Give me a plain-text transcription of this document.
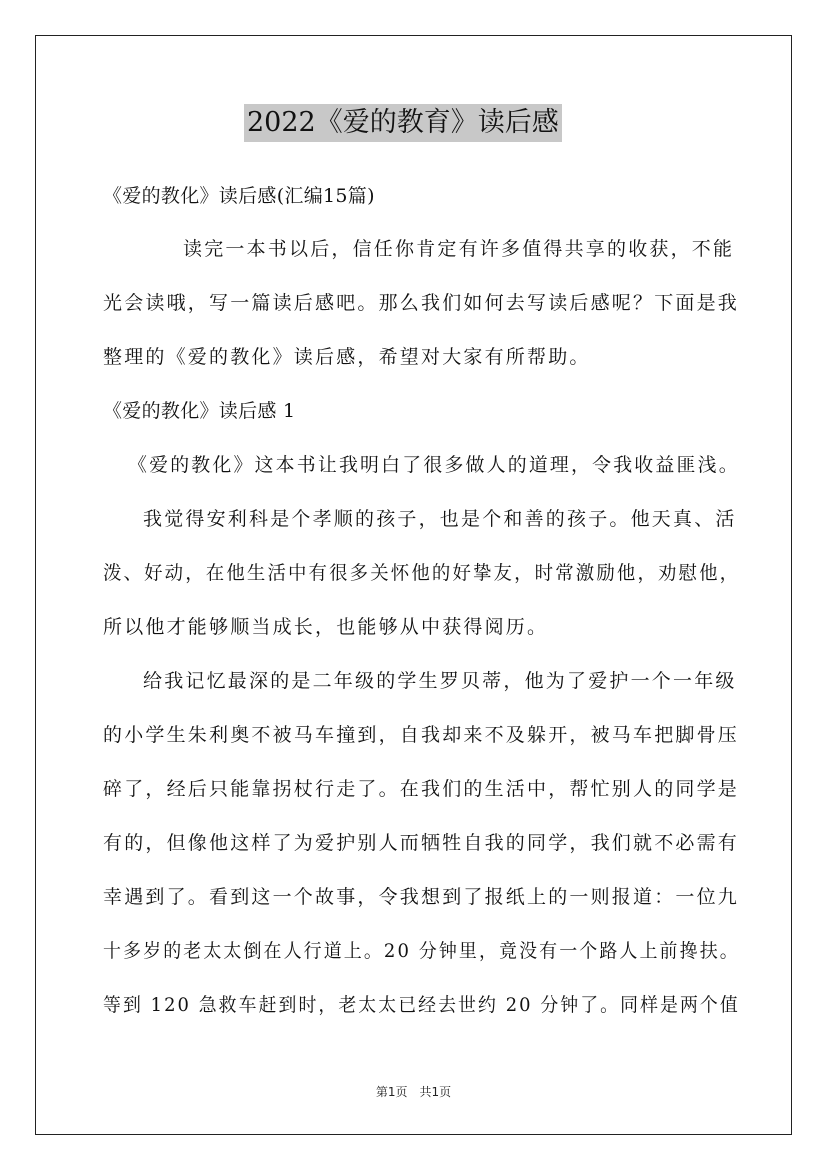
2022《爱的教育》读后感
《爱的教化》读后感(汇编15篇)
读完一本书以后，信任你肯定有许多值得共享的收获，不能
光会读哦，写一篇读后感吧。那么我们如何去写读后感呢？下面是我
整理的《爱的教化》读后感，希望对大家有所帮助。
《爱的教化》读后感 1
《爱的教化》这本书让我明白了很多做人的道理，令我收益匪浅。
我觉得安利科是个孝顺的孩子，也是个和善的孩子。他天真、活
泼、好动，在他生活中有很多关怀他的好挚友，时常激励他，劝慰他，
所以他才能够顺当成长，也能够从中获得阅历。
给我记忆最深的是二年级的学生罗贝蒂，他为了爱护一个一年级
的小学生朱利奥不被马车撞到，自我却来不及躲开，被马车把脚骨压
碎了，经后只能靠拐杖行走了。在我们的生活中，帮忙别人的同学是
有的，但像他这样了为爱护别人而牺牲自我的同学，我们就不必需有
幸遇到了。看到这一个故事，令我想到了报纸上的一则报道：一位九
十多岁的老太太倒在人行道上。20 分钟里，竟没有一个路人上前搀扶。
等到 120 急救车赶到时，老太太已经去世约 20 分钟了。同样是两个值
第1页　共1页
